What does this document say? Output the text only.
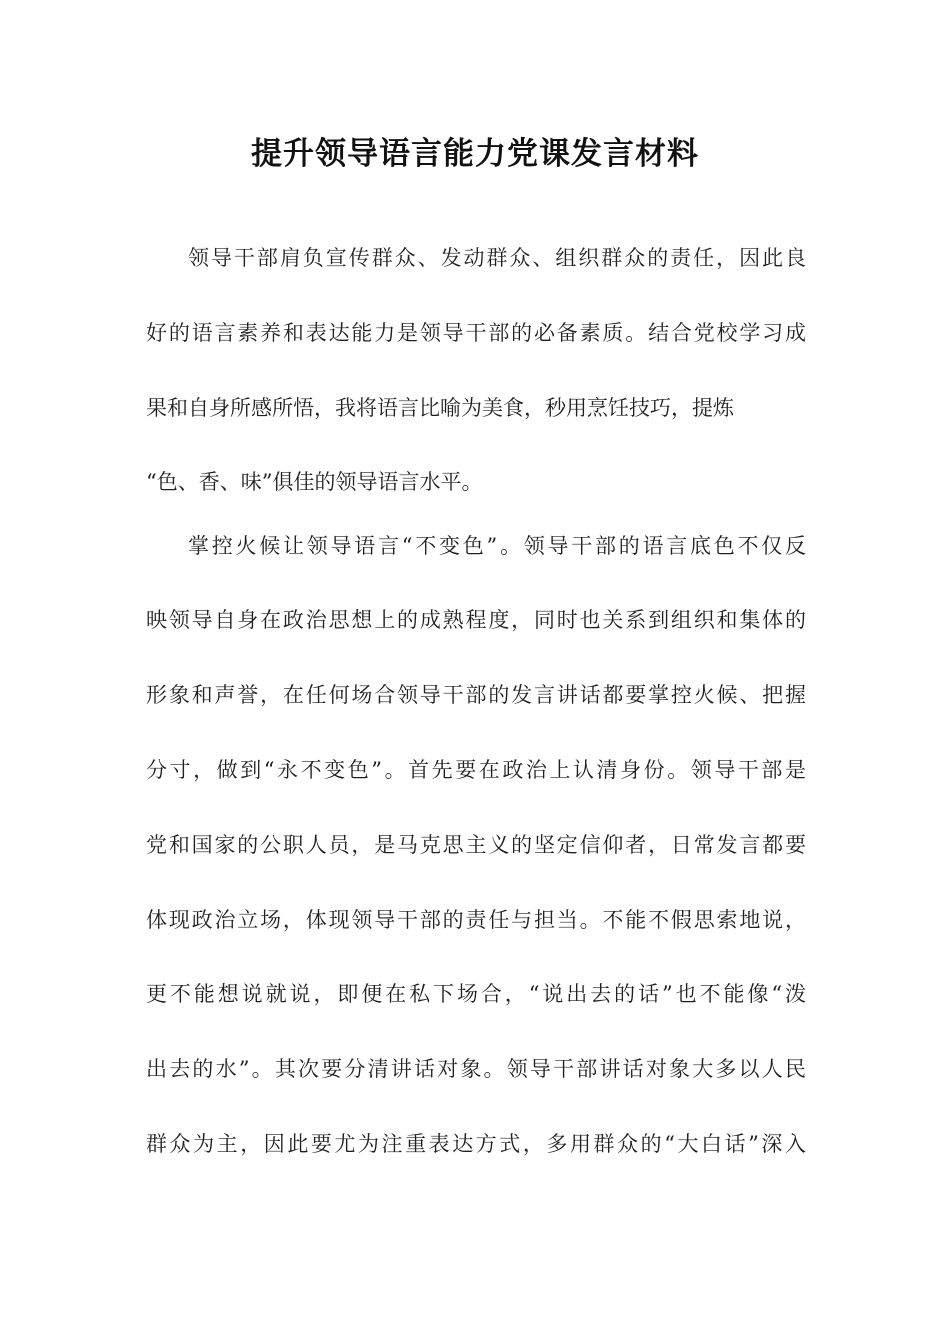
提升领导语言能力党课发言材料
领导干部肩负宣传群众、发动群众、组织群众的责任，因此良
好的语言素养和表达能力是领导干部的必备素质。结合党校学习成
果和自身所感所悟，我将语言比喻为美食，秒用烹饪技巧，提炼
“色、香、味”俱佳的领导语言水平。
掌控火候让领导语言“不变色”。领导干部的语言底色不仅反
映领导自身在政治思想上的成熟程度，同时也关系到组织和集体的
形象和声誉，在任何场合领导干部的发言讲话都要掌控火候、把握
分寸，做到“永不变色”。首先要在政治上认清身份。领导干部是
党和国家的公职人员，是马克思主义的坚定信仰者，日常发言都要
体现政治立场，体现领导干部的责任与担当。不能不假思索地说，
更不能想说就说，即便在私下场合，“说出去的话”也不能像“泼
出去的水”。其次要分清讲话对象。领导干部讲话对象大多以人民
群众为主，因此要尤为注重表达方式，多用群众的“大白话”深入
